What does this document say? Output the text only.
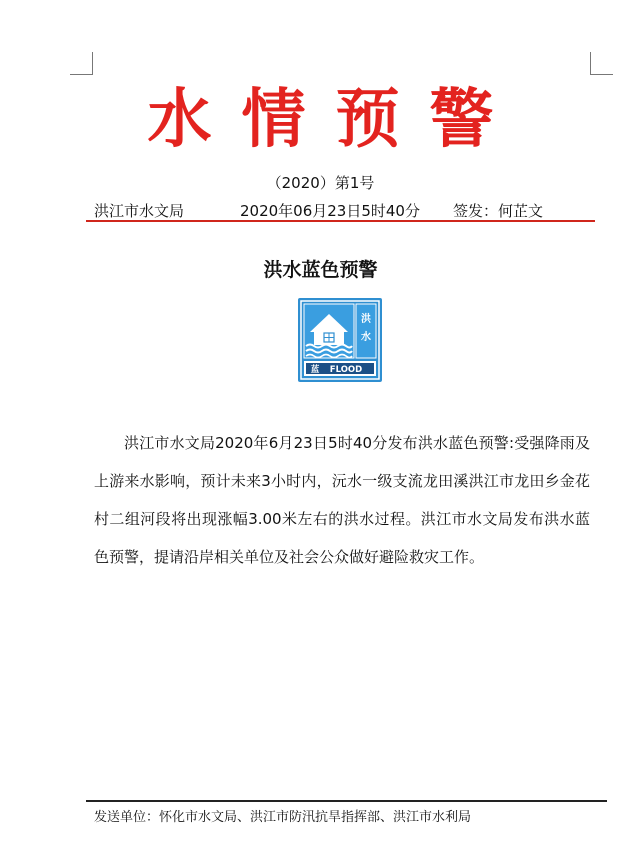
水情预警
（2020）第1号
洪江市水文局	2020年06月23日5时40分 签发：何芷文
洪水蓝色预警
洪
水
蓝 FLOOD
洪江市水文局2020年6月23日5时40分发布洪水蓝色预警:受强降雨及上游来水影响，预计未来3小时内，沅水一级支流龙田溪洪江市龙田乡金花村二组河段将出现涨幅3.00米左右的洪水过程。洪江市水文局发布洪水蓝色预警，提请沿岸相关单位及社会公众做好避险救灾工作。
发送单位：怀化市水文局、洪江市防汛抗旱指挥部、洪江市水利局
